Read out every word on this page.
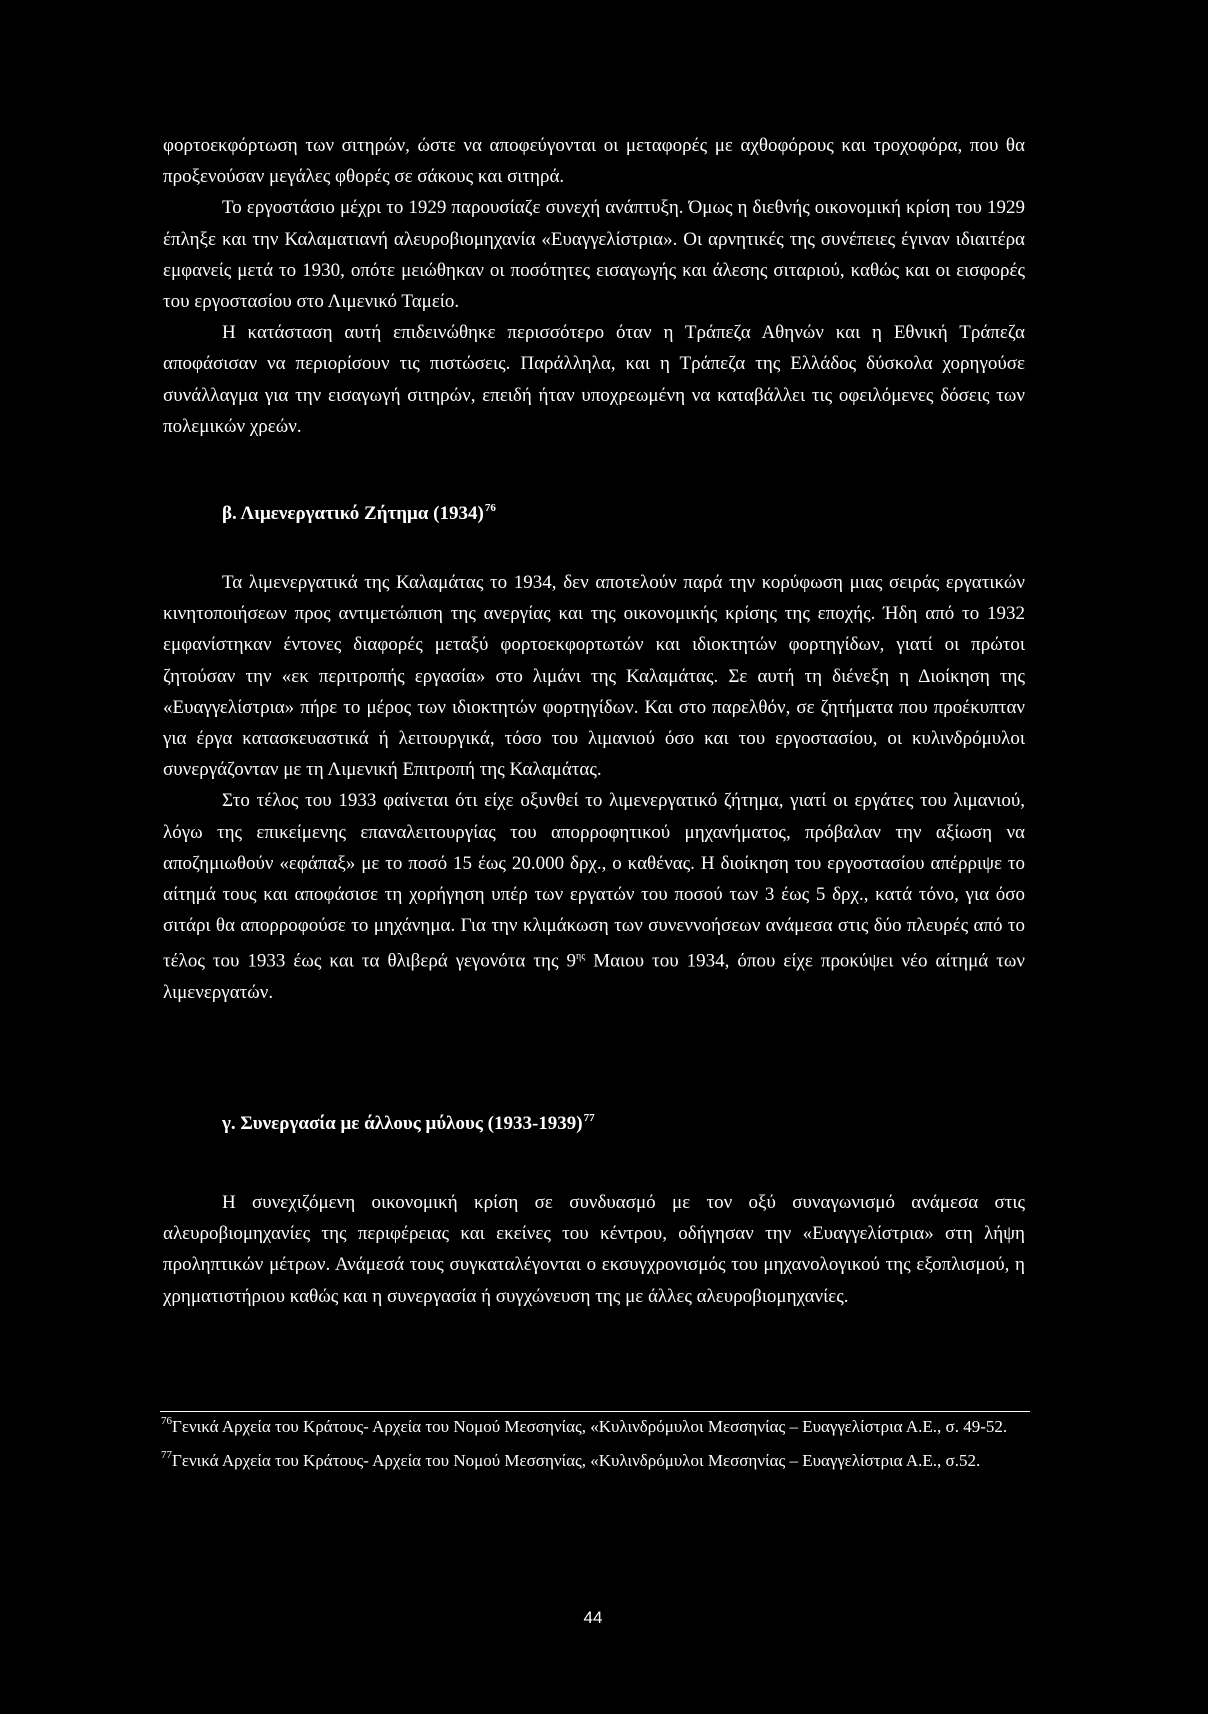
φορτοεκφόρτωση των σιτηρών, ώστε να αποφεύγονται οι μεταφορές με αχθοφόρους και τροχοφόρα, που θα προξενούσαν μεγάλες φθορές σε σάκους και σιτηρά.

Το εργοστάσιο μέχρι το 1929 παρουσίαζε συνεχή ανάπτυξη. Όμως η διεθνής οικονομική κρίση του 1929 έπληξε και την Καλαματιανή αλευροβιομηχανία «Ευαγγελίστρια». Οι αρνητικές της συνέπειες έγιναν ιδιαιτέρα εμφανείς μετά το 1930, οπότε μειώθηκαν οι ποσότητες εισαγωγής και άλεσης σιταριού, καθώς και οι εισφορές του εργοστασίου στο Λιμενικό Ταμείο.

Η κατάσταση αυτή επιδεινώθηκε περισσότερο όταν η Τράπεζα Αθηνών και η Εθνική Τράπεζα αποφάσισαν να περιορίσουν τις πιστώσεις. Παράλληλα, και η Τράπεζα της Ελλάδος δύσκολα χορηγούσε συνάλλαγμα για την εισαγωγή σιτηρών, επειδή ήταν υποχρεωμένη να καταβάλλει τις οφειλόμενες δόσεις των πολεμικών χρεών.

β. Λιμενεργατικό Ζήτημα $(1934)^{76}$

Τα λιμενεργατικά της Καλαμάτας το 1934, δεν αποτελούν παρά την κορύφωση μιας σειράς εργατικών κινητοποιήσεων προς αντιμετώπιση της ανεργίας και της οικονομικής κρίσης της εποχής. Ήδη από το 1932 εμφανίστηκαν έντονες διαφορές μεταξύ φορτοεκφορτωτών και ιδιοκτητών φορτηγίδων, γιατί οι πρώτοι ζητούσαν την «εκ περιτροπής εργασία» στο λιμάνι της Καλαμάτας. Σε αυτή τη διένεξη η Διοίκηση της «Ευαγγελίστρια» πήρε το μέρος των ιδιοκτητών φορτηγίδων. Και στο παρελθόν, σε ζητήματα που προέκυπταν για έργα κατασκευαστικά ή λειτουργικά, τόσο του λιμανιού όσο και του εργοστασίου, οι κυλινδρόμυλοι συνεργάζονταν με τη Λιμενική Επιτροπή της Καλαμάτας.

Στο τέλος του 1933 φαίνεται ότι είχε οξυνθεί το λιμενεργατικό ζήτημα, γιατί οι εργάτες του λιμανιού, λόγω της επικείμενης επαναλειτουργίας του απορροφητικού μηχανήματος, πρόβαλαν την αξίωση να αποζημιωθούν «εφάπαξ» με το ποσό 15 έως 20.000 δρχ., ο καθένας. Η διοίκηση του εργοστασίου απέρριψε το αίτημά τους και αποφάσισε τη χορήγηση υπέρ των εργατών του ποσού των 3 έως 5 δρχ., κατά τόνο, για όσο σιτάρι θα απορροφούσε το μηχάνημα. Για την κλιμάκωση των συνεννοήσεων ανάμεσα στις δύο πλευρές από το τέλος του 1933 έως και τα θλιβερά γεγονότα της $9^{\eta\varsigma}$ Μαιου του 1934, όπου είχε προκύψει νέο αίτημά των λιμενεργατών.

γ. Συνεργασία με άλλους μύλους (1933-1939)$^{77}$

Η συνεχιζόμενη οικονομική κρίση σε συνδυασμό με τον οξύ συναγωνισμό ανάμεσα στις αλευροβιομηχανίες της περιφέρειας και εκείνες του κέντρου, οδήγησαν την «Ευαγγελίστρια» στη λήψη προληπτικών μέτρων. Ανάμεσά τους συγκαταλέγονται ο εκσυγχρονισμός του μηχανολογικού της εξοπλισμού, η χρηματιστήριου καθώς και η συνεργασία ή συγχώνευση της με άλλες αλευροβιομηχανίες.

$^{76}$Γενικά Αρχεία του Κράτους- Αρχεία του Νομού Μεσσηνίας, «Κυλινδρόμυλοι Μεσσηνίας – Ευαγγελίστρια Α.Ε., σ. 49-52.

$^{77}$Γενικά Αρχεία του Κράτους- Αρχεία του Νομού Μεσσηνίας, «Κυλινδρόμυλοι Μεσσηνίας – Ευαγγελίστρια Α.Ε., σ.52.

44
